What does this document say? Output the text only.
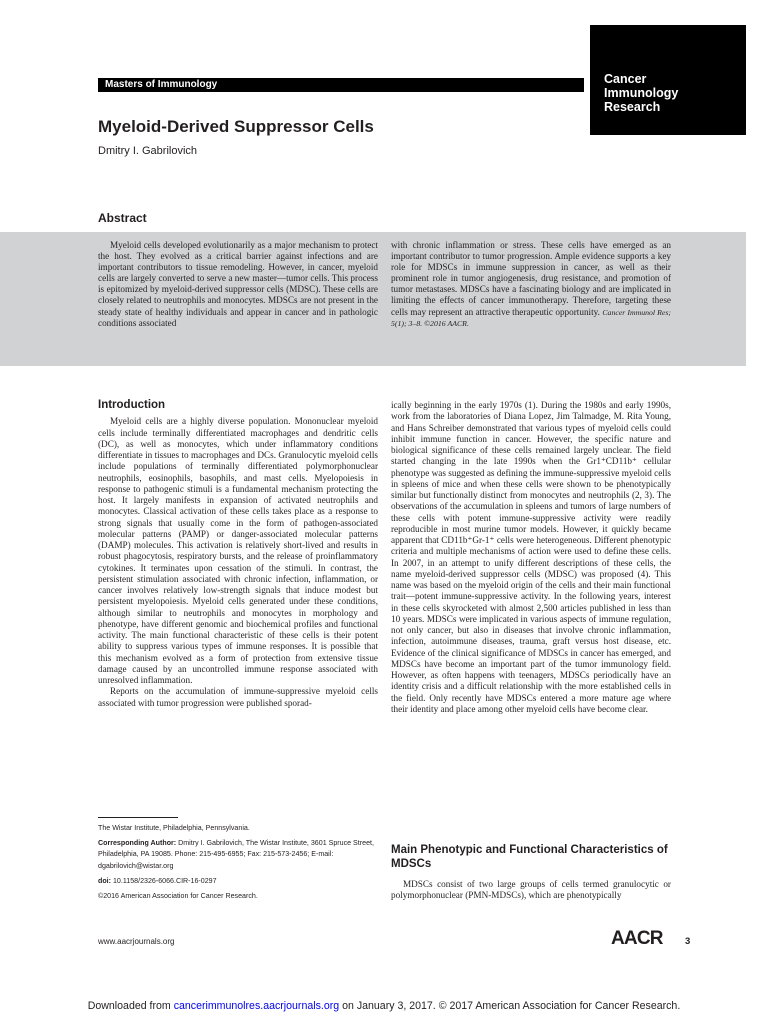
Masters of Immunology	Cancer
Immunology
Research
Myeloid-Derived Suppressor Cells

Dmitry I. Gabrilovich

Abstract

Myeloid cells developed evolutionarily as a major mechanism to protect the host. They evolved as a critical barrier against infections and are important contributors to tissue remodeling. However, in cancer, myeloid cells are largely converted to serve a new master—tumor cells. This process is epitomized by myeloid-derived suppressor cells (MDSC). These cells are closely related to neutrophils and monocytes. MDSCs are not present in the steady state of healthy individuals and appear in cancer and in pathologic conditions associated

with chronic inflammation or stress. These cells have emerged as an important contributor to tumor progression. Ample evidence supports a key role for MDSCs in immune suppression in cancer, as well as their prominent role in tumor angiogenesis, drug resistance, and promotion of tumor metastases. MDSCs have a fascinating biology and are implicated in limiting the effects of cancer immunotherapy. Therefore, targeting these cells may represent an attractive therapeutic opportunity. Cancer Immunol Res; 5(1); 3–8. ©2016 AACR.

Introduction

Myeloid cells are a highly diverse population. Mononuclear myeloid cells include terminally differentiated macrophages and dendritic cells (DC), as well as monocytes, which under inflammatory conditions differentiate in tissues to macrophages and DCs. Granulocytic myeloid cells include populations of terminally differentiated polymorphonuclear neutrophils, eosinophils, basophils, and mast cells. Myelopoiesis in response to pathogenic stimuli is a fundamental mechanism protecting the host. It largely manifests in expansion of activated neutrophils and monocytes. Classical activation of these cells takes place as a response to strong signals that usually come in the form of pathogen-associated molecular patterns (PAMP) or danger-associated molecular patterns (DAMP) molecules. This activation is relatively short-lived and results in robust phagocytosis, respiratory bursts, and the release of proinflammatory cytokines. It terminates upon cessation of the stimuli. In contrast, the persistent stimulation associated with chronic infection, inflammation, or cancer involves relatively low-strength signals that induce modest but persistent myelopoiesis. Myeloid cells generated under these conditions, although similar to neutrophils and monocytes in morphology and phenotype, have different genomic and biochemical profiles and functional activity. The main functional characteristic of these cells is their potent ability to suppress various types of immune responses. It is possible that this mechanism evolved as a form of protection from extensive tissue damage caused by an uncontrolled immune response associated with unresolved inflammation.

Reports on the accumulation of immune-suppressive myeloid cells associated with tumor progression were published sporad-

ically beginning in the early 1970s (1). During the 1980s and early 1990s, work from the laboratories of Diana Lopez, Jim Talmadge, M. Rita Young, and Hans Schreiber demonstrated that various types of myeloid cells could inhibit immune function in cancer. However, the specific nature and biological significance of these cells remained largely unclear. The field started changing in the late 1990s when the Gr1⁺CD11b⁺ cellular phenotype was suggested as defining the immune-suppressive myeloid cells in spleens of mice and when these cells were shown to be phenotypically similar but functionally distinct from monocytes and neutrophils (2, 3). The observations of the accumulation in spleens and tumors of large numbers of these cells with potent immune-suppressive activity were readily reproducible in most murine tumor models. However, it quickly became apparent that CD11b⁺Gr-1⁺ cells were heterogeneous. Different phenotypic criteria and multiple mechanisms of action were used to define these cells. In 2007, in an attempt to unify different descriptions of these cells, the name myeloid-derived suppressor cells (MDSC) was proposed (4). This name was based on the myeloid origin of the cells and their main functional trait—potent immune-suppressive activity. In the following years, interest in these cells skyrocketed with almost 2,500 articles published in less than 10 years. MDSCs were implicated in various aspects of immune regulation, not only cancer, but also in diseases that involve chronic inflammation, infection, autoimmune diseases, trauma, graft versus host disease, etc. Evidence of the clinical significance of MDSCs in cancer has emerged, and MDSCs have become an important part of the tumor immunology field. However, as often happens with teenagers, MDSCs periodically have an identity crisis and a difficult relationship with the more established cells in the field. Only recently have MDSCs entered a more mature age where their identity and place among other myeloid cells have become clear.

Main Phenotypic and Functional Characteristics of MDSCs

MDSCs consist of two large groups of cells termed granulocytic or polymorphonuclear (PMN-MDSCs), which are phenotypically

The Wistar Institute, Philadelphia, Pennsylvania.

Corresponding Author: Dmitry I. Gabrilovich, The Wistar Institute, 3601 Spruce Street, Philadelphia, PA 19085. Phone: 215-495-6955; Fax: 215-573-2456; E-mail: dgabrilovich@wistar.org

doi: 10.1158/2326-6066.CIR-16-0297

©2016 American Association for Cancer Research.

www.aacrjournals.org	AACR 3
Downloaded from cancerimmunolres.aacrjournals.org on January 3, 2017. © 2017 American Association for Cancer Research.
